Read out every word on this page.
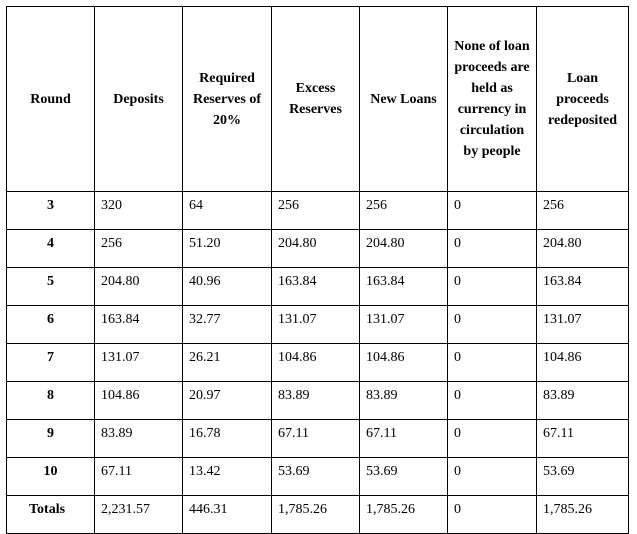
Round	Deposits	Required Reserves of 20%	Excess Reserves	New Loans	None of loan proceeds are held as currency in circulation by people	Loan proceeds redeposited
3	320	64	256	256	0	256
4	256	51.20	204.80	204.80	0	204.80
5	204.80	40.96	163.84	163.84	0	163.84
6	163.84	32.77	131.07	131.07	0	131.07
7	131.07	26.21	104.86	104.86	0	104.86
8	104.86	20.97	83.89	83.89	0	83.89
9	83.89	16.78	67.11	67.11	0	67.11
10	67.11	13.42	53.69	53.69	0	53.69
Totals	2,231.57	446.31	1,785.26	1,785.26	0	1,785.26
